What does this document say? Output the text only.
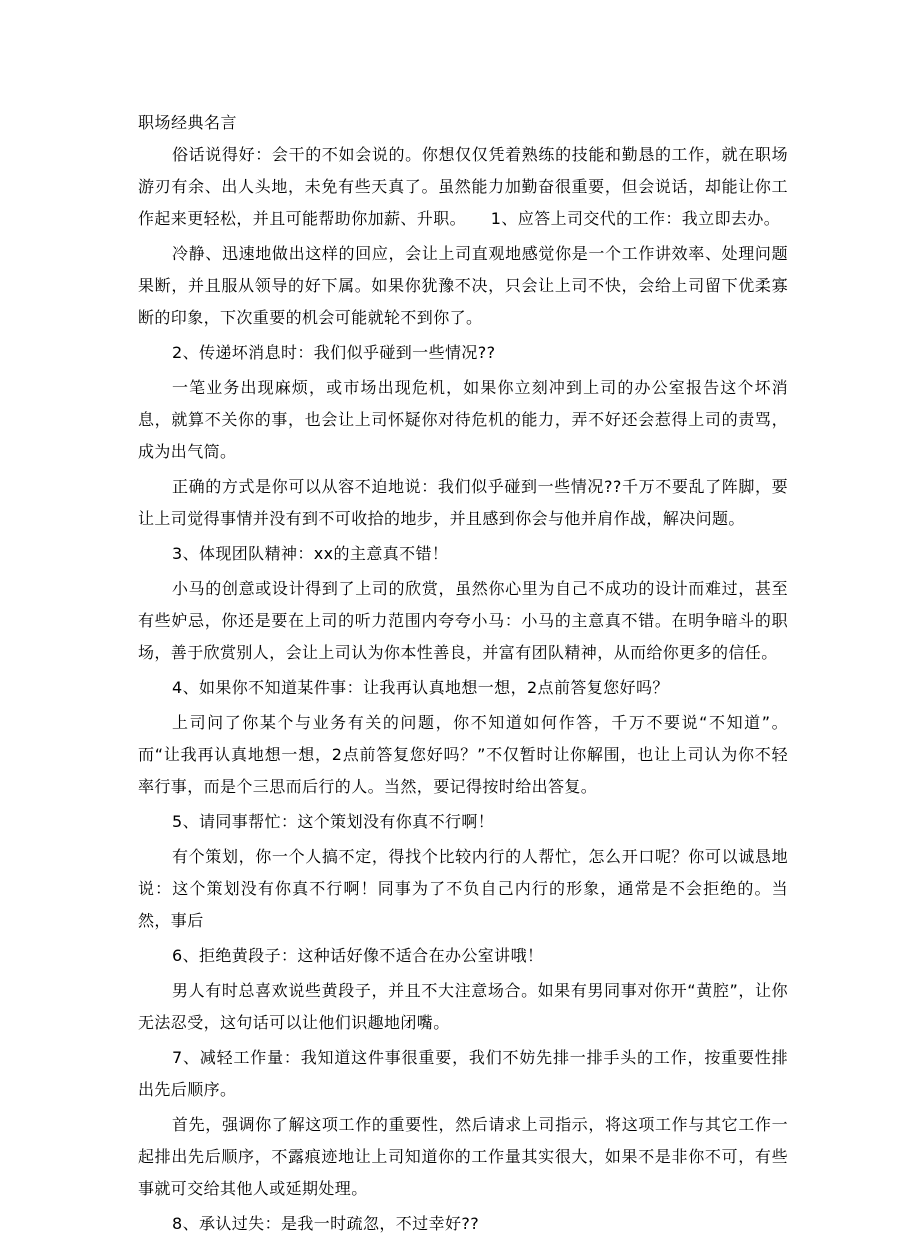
职场经典名言

俗话说得好：会干的不如会说的。你想仅仅凭着熟练的技能和勤恳的工作，就在职场游刃有余、出人头地，未免有些天真了。虽然能力加勤奋很重要，但会说话，却能让你工作起来更轻松，并且可能帮助你加薪、升职。　　1、应答上司交代的工作：我立即去办。

冷静、迅速地做出这样的回应，会让上司直观地感觉你是一个工作讲效率、处理问题果断，并且服从领导的好下属。如果你犹豫不决，只会让上司不快，会给上司留下优柔寡断的印象，下次重要的机会可能就轮不到你了。

2、传递坏消息时：我们似乎碰到一些情况??

一笔业务出现麻烦，或市场出现危机，如果你立刻冲到上司的办公室报告这个坏消息，就算不关你的事，也会让上司怀疑你对待危机的能力，弄不好还会惹得上司的责骂，成为出气筒。

正确的方式是你可以从容不迫地说：我们似乎碰到一些情况??千万不要乱了阵脚，要让上司觉得事情并没有到不可收拾的地步，并且感到你会与他并肩作战，解决问题。

3、体现团队精神：xx的主意真不错！

小马的创意或设计得到了上司的欣赏，虽然你心里为自己不成功的设计而难过，甚至有些妒忌，你还是要在上司的听力范围内夸夸小马：小马的主意真不错。在明争暗斗的职场，善于欣赏别人，会让上司认为你本性善良，并富有团队精神，从而给你更多的信任。

4、如果你不知道某件事：让我再认真地想一想，2点前答复您好吗？

上司问了你某个与业务有关的问题，你不知道如何作答，千万不要说“不知道”。而“让我再认真地想一想，2点前答复您好吗？”不仅暂时让你解围，也让上司认为你不轻率行事，而是个三思而后行的人。当然，要记得按时给出答复。

5、请同事帮忙：这个策划没有你真不行啊！

有个策划，你一个人搞不定，得找个比较内行的人帮忙，怎么开口呢？你可以诚恳地说：这个策划没有你真不行啊！同事为了不负自己内行的形象，通常是不会拒绝的。当然，事后

6、拒绝黄段子：这种话好像不适合在办公室讲哦！

男人有时总喜欢说些黄段子，并且不大注意场合。如果有男同事对你开“黄腔”，让你无法忍受，这句话可以让他们识趣地闭嘴。

7、减轻工作量：我知道这件事很重要，我们不妨先排一排手头的工作，按重要性排出先后顺序。

首先，强调你了解这项工作的重要性，然后请求上司指示，将这项工作与其它工作一起排出先后顺序，不露痕迹地让上司知道你的工作量其实很大，如果不是非你不可，有些事就可交给其他人或延期处理。

8、承认过失：是我一时疏忽，不过幸好??
